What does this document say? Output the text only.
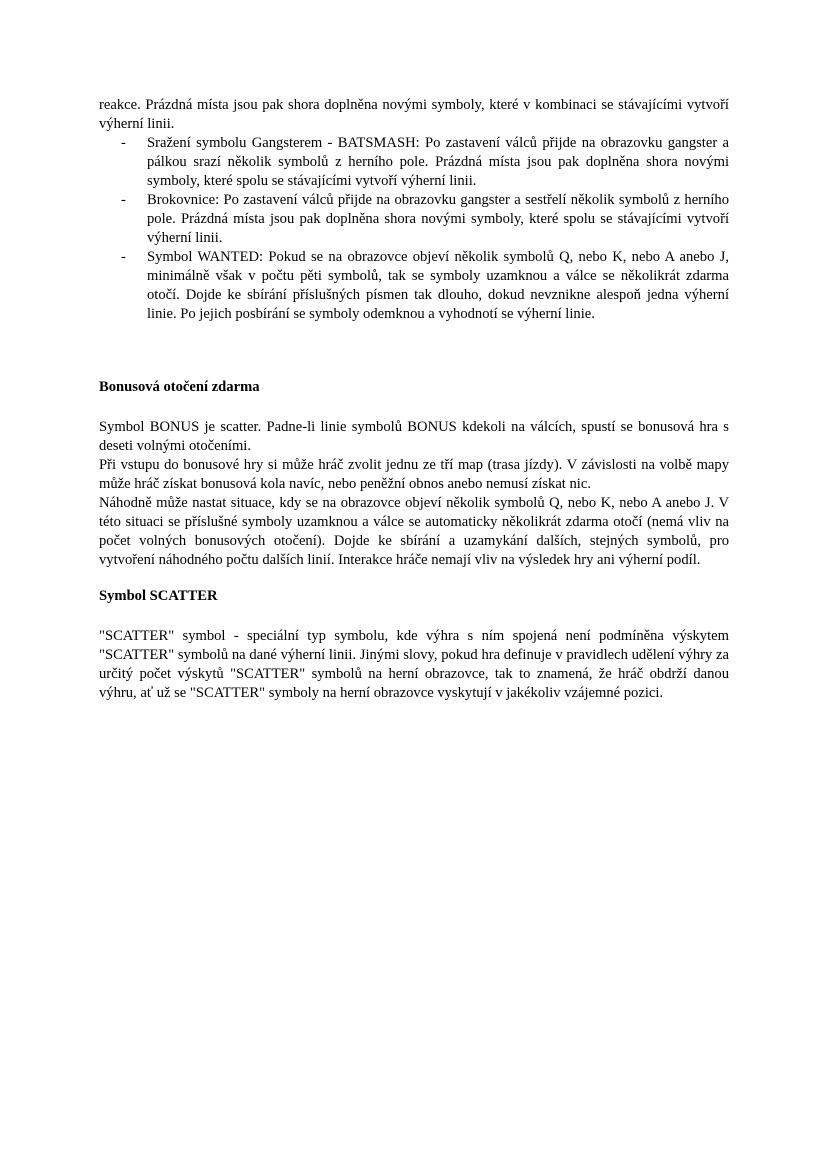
reakce. Prázdná místa jsou pak shora doplněna novými symboly, které v kombinaci se stávajícími vytvoří výherní linii.

- Sražení symbolu Gangsterem - BATSMASH: Po zastavení válců přijde na obrazovku gangster a pálkou srazí několik symbolů z herního pole. Prázdná místa jsou pak doplněna shora novými symboly, které spolu se stávajícími vytvoří výherní linii.
- Brokovnice: Po zastavení válců přijde na obrazovku gangster a sestřelí několik symbolů z herního pole. Prázdná místa jsou pak doplněna shora novými symboly, které spolu se stávajícími vytvoří výherní linii.
- Symbol WANTED: Pokud se na obrazovce objeví několik symbolů Q, nebo K, nebo A anebo J, minimálně však v počtu pěti symbolů, tak se symboly uzamknou a válce se několikrát zdarma otočí. Dojde ke sbírání příslušných písmen tak dlouho, dokud nevznikne alespoň jedna výherní linie. Po jejich posbírání se symboly odemknou a vyhodnotí se výherní linie.
Bonusová otočení zdarma

Symbol BONUS je scatter. Padne-li linie symbolů BONUS kdekoli na válcích, spustí se bonusová hra s deseti volnými otočeními.

Při vstupu do bonusové hry si může hráč zvolit jednu ze tří map (trasa jízdy). V závislosti na volbě mapy může hráč získat bonusová kola navíc, nebo peněžní obnos anebo nemusí získat nic.

Náhodně může nastat situace, kdy se na obrazovce objeví několik symbolů Q, nebo K, nebo A anebo J. V této situaci se příslušné symboly uzamknou a válce se automaticky několikrát zdarma otočí (nemá vliv na počet volných bonusových otočení). Dojde ke sbírání a uzamykání dalších, stejných symbolů, pro vytvoření náhodného počtu dalších linií. Interakce hráče nemají vliv na výsledek hry ani výherní podíl.

Symbol SCATTER

"SCATTER" symbol - speciální typ symbolu, kde výhra s ním spojená není podmíněna výskytem "SCATTER" symbolů na dané výherní linii. Jinými slovy, pokud hra definuje v pravidlech udělení výhry za určitý počet výskytů "SCATTER" symbolů na herní obrazovce, tak to znamená, že hráč obdrží danou výhru, ať už se "SCATTER" symboly na herní obrazovce vyskytují v jakékoliv vzájemné pozici.
